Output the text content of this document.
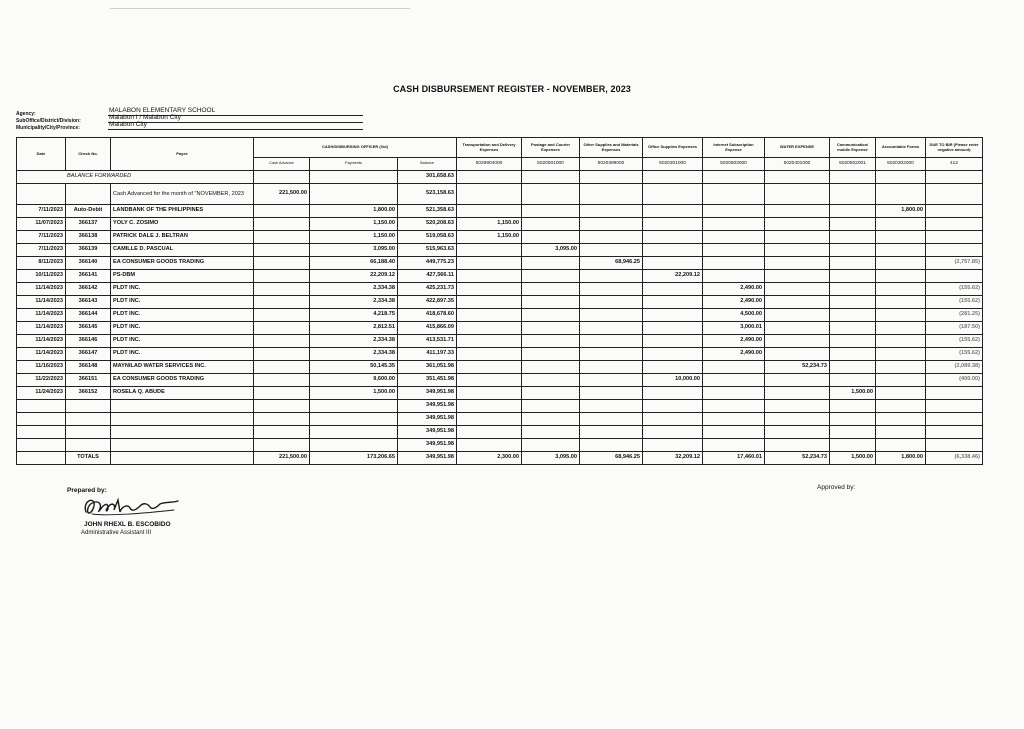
CASH DISBURSEMENT REGISTER - NOVEMBER, 2023
Agency:	MALABON ELEMENTARY SCHOOL
SubOffice/District/Division:	Malabon I / Malabon City
Municipality/City/Province:	Malabon City
Date	Check No.	Payee	CASH/DISBURSING OFFICER (Vol)			Transportation and Delivery Expenses	Postage and Courier Expenses	Other Supplies and Materials Expenses	Office Supplies Expenses	Internet Subscription Expense	WATER EXPENSE	Communication/ mobile Expense	Accountable Forms	DUE TO BIR (Please enter negative amount)
			Cash Advance	Payments	Balance	5029904000	5020501000	5020399000	5020301000	5020503000	5020401000	5020502001	5020302000	412
BALANCE FORWARDED					301,658.63									
		Cash Advanced for the month of "NOVEMBER, 2023	221,500.00		523,158.63									
7/11/2023	Auto-Debit	LANDBANK OF THE PHILIPPINES		1,800.00	521,358.63								1,800.00	
11/07/2023	366137	YOLY C. ZOSIMO		1,150.00	520,208.63	1,150.00								
7/11/2023	366138	PATRICK DALE J. BELTRAN		1,150.00	519,058.63	1,150.00								
7/11/2023	366139	CAMILLE D. PASCUAL		3,095.00	515,963.63		3,095.00							
8/11/2023	366140	EA CONSUMER GOODS TRADING		66,188.40	449,775.23			68,946.25						(2,757.85)
10/11/2023	366141	PS-DBM		22,209.12	427,566.11				22,209.12					
11/14/2023	366142	PLDT INC.		2,334.38	425,231.73					2,490.00				(155.62)
11/14/2023	366143	PLDT INC.		2,334.38	422,897.35					2,490.00				(155.62)
11/14/2023	366144	PLDT INC.		4,218.75	418,678.60					4,500.00				(281.25)
11/14/2023	366145	PLDT INC.		2,812.51	415,866.09					3,000.01				(187.50)
11/14/2023	366146	PLDT INC.		2,334.38	413,531.71					2,490.00				(155.62)
11/14/2023	366147	PLDT INC.		2,334.38	411,197.33					2,490.00				(155.62)
11/16/2023	366148	MAYNILAD WATER SERVICES INC.		50,145.35	361,051.98						52,234.73			(2,089.38)
11/22/2023	366151	EA CONSUMER GOODS TRADING		9,600.00	351,451.98				10,000.00					(400.00)
11/24/2023	366152	ROSELA Q. ABUDE		1,500.00	349,951.98							1,500.00		
					349,951.98									
					349,951.98									
					349,951.98									
					349,951.98									
	TOTALS		221,500.00	173,206.65	349,951.98	2,300.00	3,095.00	68,946.25	32,209.12	17,460.01	52,234.73	1,500.00	1,800.00	(6,338.46)
Prepared by:
JOHN RHEXL B. ESCOBIDO
Administrative Assistant III
Approved by:
